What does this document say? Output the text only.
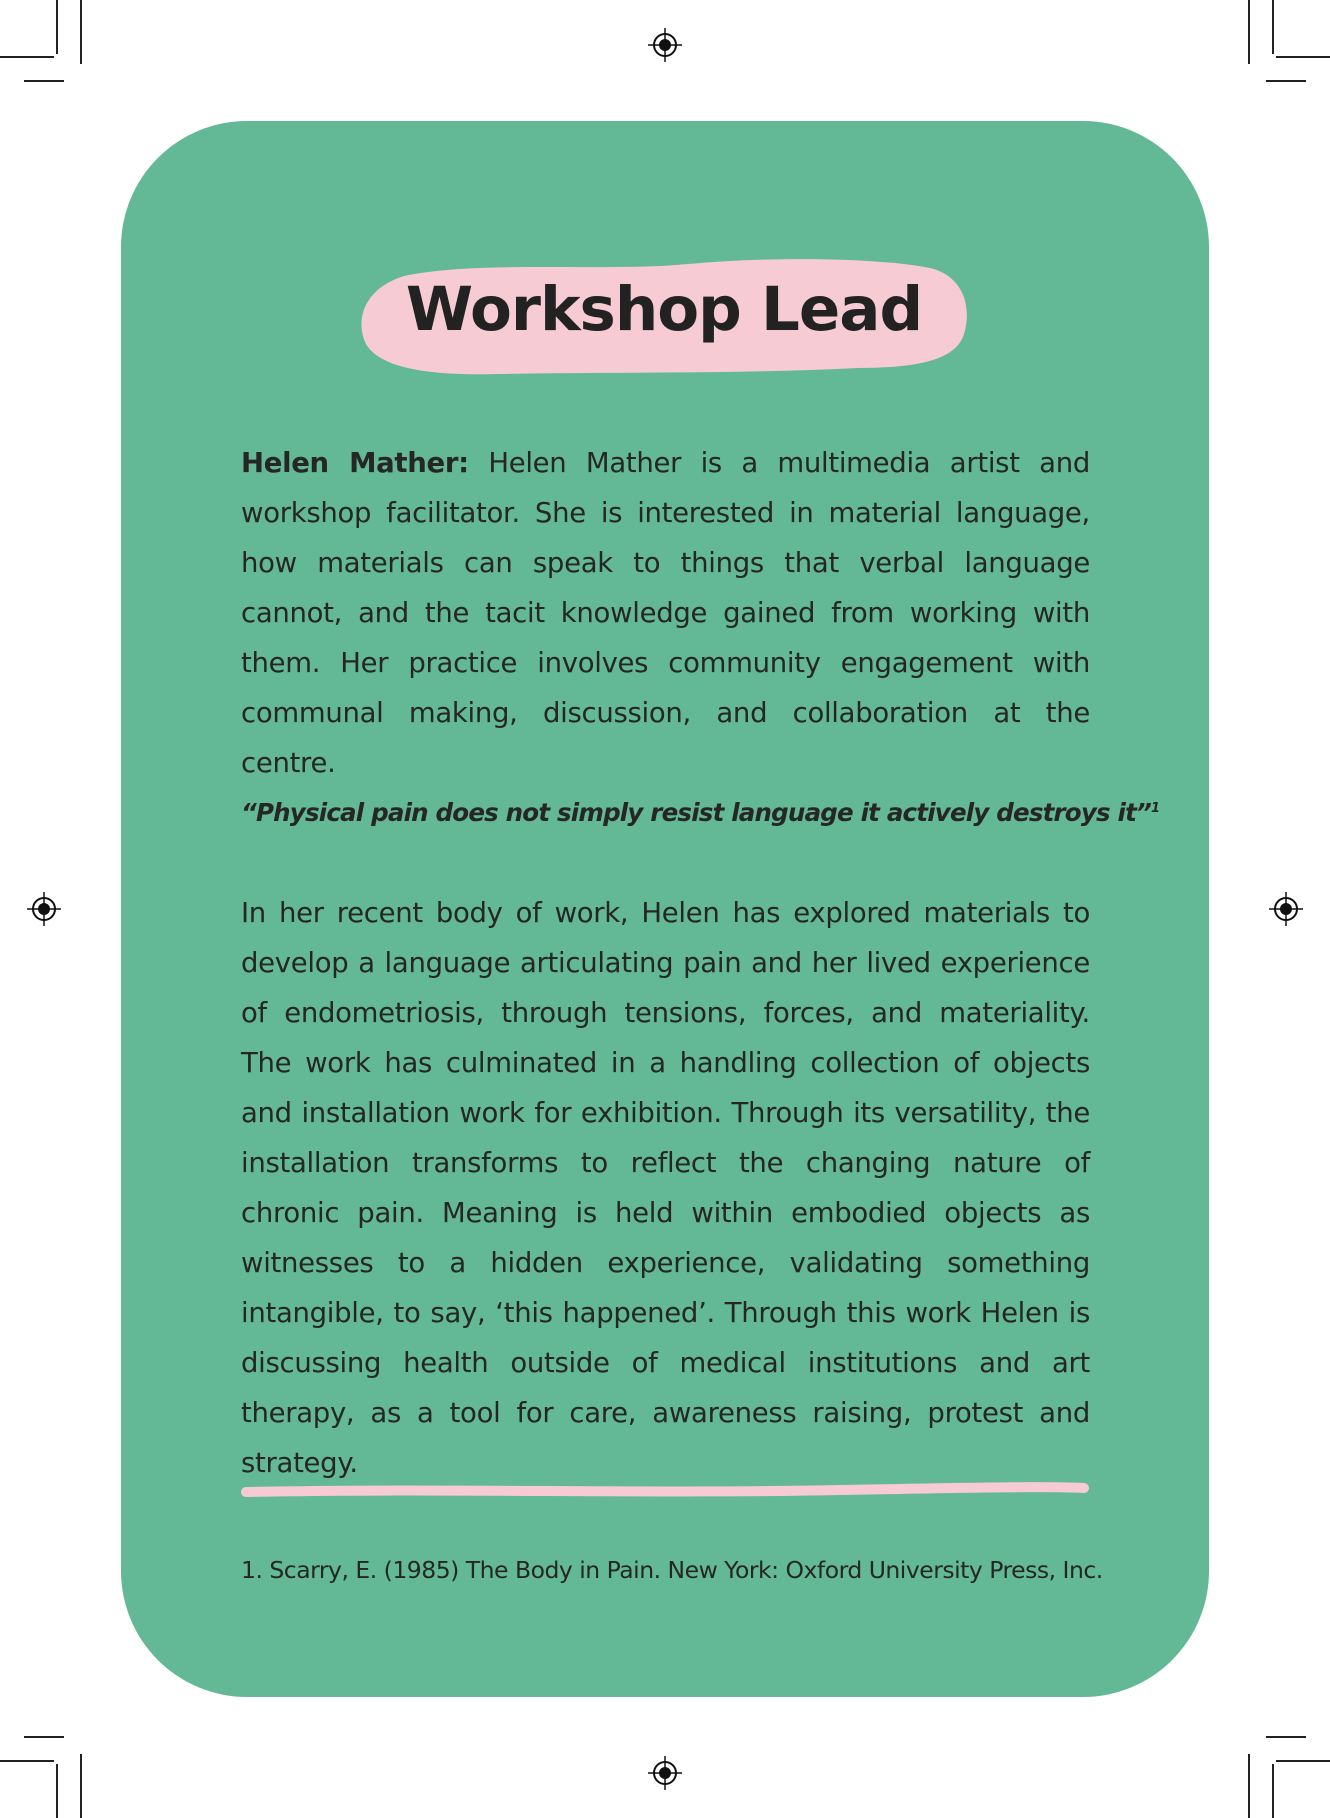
Workshop Lead

Helen Mather: Helen Mather is a multimedia artist and workshop facilitator. She is interested in material language, how materials can speak to things that verbal language cannot, and the tacit knowledge gained from working with them. Her practice involves community engagement with communal making, discussion, and collaboration at the centre.

“Physical pain does not simply resist language it actively destroys it”$^1$

In her recent body of work, Helen has explored materials to develop a language articulating pain and her lived experience of endometriosis, through tensions, forces, and materiality. The work has culminated in a handling collection of objects and installation work for exhibition. Through its versatility, the installation transforms to reflect the changing nature of chronic pain. Meaning is held within embodied objects as witnesses to a hidden experience, validating something intangible, to say, ‘this happened’. Through this work Helen is discussing health outside of medical institutions and art therapy, as a tool for care, awareness raising, protest and strategy.

1. Scarry, E. (1985) The Body in Pain. New York: Oxford University Press, Inc.
